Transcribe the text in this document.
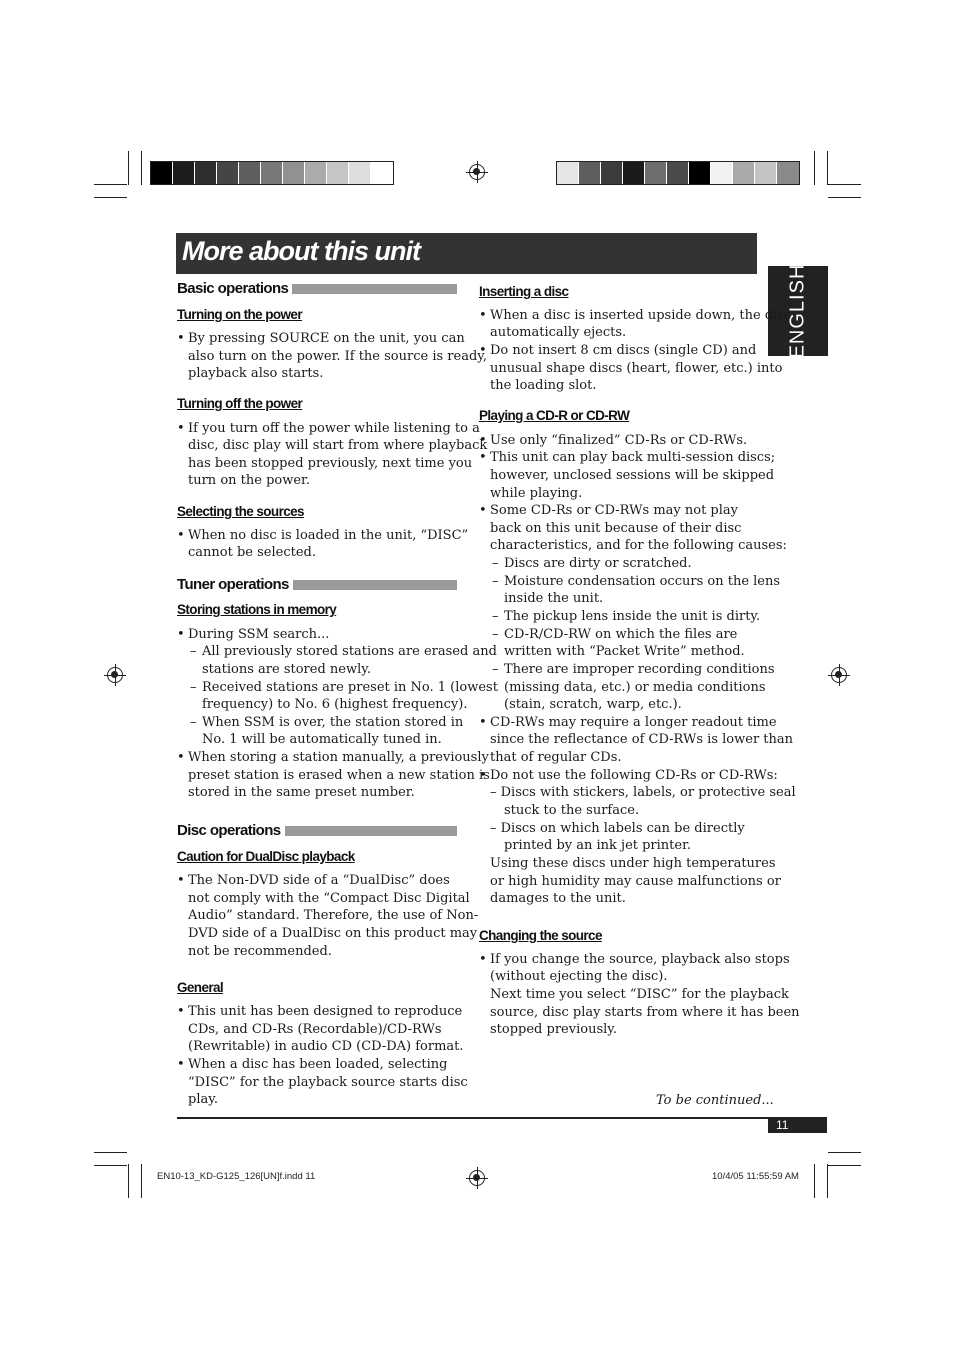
More about this unit
ENGLISH
Basic operations
Turning on the power
• By pressing SOURCE on the unit, you can
also turn on the power. If the source is ready,
playback also starts.
Turning off the power
• If you turn off the power while listening to a
disc, disc play will start from where playback
has been stopped previously, next time you
turn on the power.
Selecting the sources
• When no disc is loaded in the unit, “DISC”
cannot be selected.
Tuner operations
Storing stations in memory
• During SSM search...
– All previously stored stations are erased and
stations are stored newly.
– Received stations are preset in No. 1 (lowest
frequency) to No. 6 (highest frequency).
– When SSM is over, the station stored in
No. 1 will be automatically tuned in.
• When storing a station manually, a previously
preset station is erased when a new station is
stored in the same preset number.
Disc operations
Caution for DualDisc playback
• The Non-DVD side of a “DualDisc” does
not comply with the “Compact Disc Digital
Audio” standard. Therefore, the use of Non-
DVD side of a DualDisc on this product may
not be recommended.
General
• This unit has been designed to reproduce
CDs, and CD-Rs (Recordable)/CD-RWs
(Rewritable) in audio CD (CD-DA) format.
• When a disc has been loaded, selecting
“DISC” for the playback source starts disc
play.
Inserting a disc
• When a disc is inserted upside down, the disc
automatically ejects.
• Do not insert 8 cm discs (single CD) and
unusual shape discs (heart, flower, etc.) into
the loading slot.
Playing a CD-R or CD-RW
• Use only “finalized” CD-Rs or CD-RWs.
• This unit can play back multi-session discs;
however, unclosed sessions will be skipped
while playing.
• Some CD-Rs or CD-RWs may not play
back on this unit because of their disc
characteristics, and for the following causes:
– Discs are dirty or scratched.
– Moisture condensation occurs on the lens
inside the unit.
– The pickup lens inside the unit is dirty.
– CD-R/CD-RW on which the files are
written with “Packet Write” method.
– There are improper recording conditions
(missing data, etc.) or media conditions
(stain, scratch, warp, etc.).
• CD-RWs may require a longer readout time
since the reflectance of CD-RWs is lower than
that of regular CDs.
• Do not use the following CD-Rs or CD-RWs:
– Discs with stickers, labels, or protective seal
stuck to the surface.
– Discs on which labels can be directly
printed by an ink jet printer.
Using these discs under high temperatures
or high humidity may cause malfunctions or
damages to the unit.
Changing the source
• If you change the source, playback also stops
(without ejecting the disc).
Next time you select “DISC” for the playback
source, disc play starts from where it has been
stopped previously.
To be continued...
11
EN10-13_KD-G125_126[UN]f.indd 11	10/4/05 11:55:59 AM
